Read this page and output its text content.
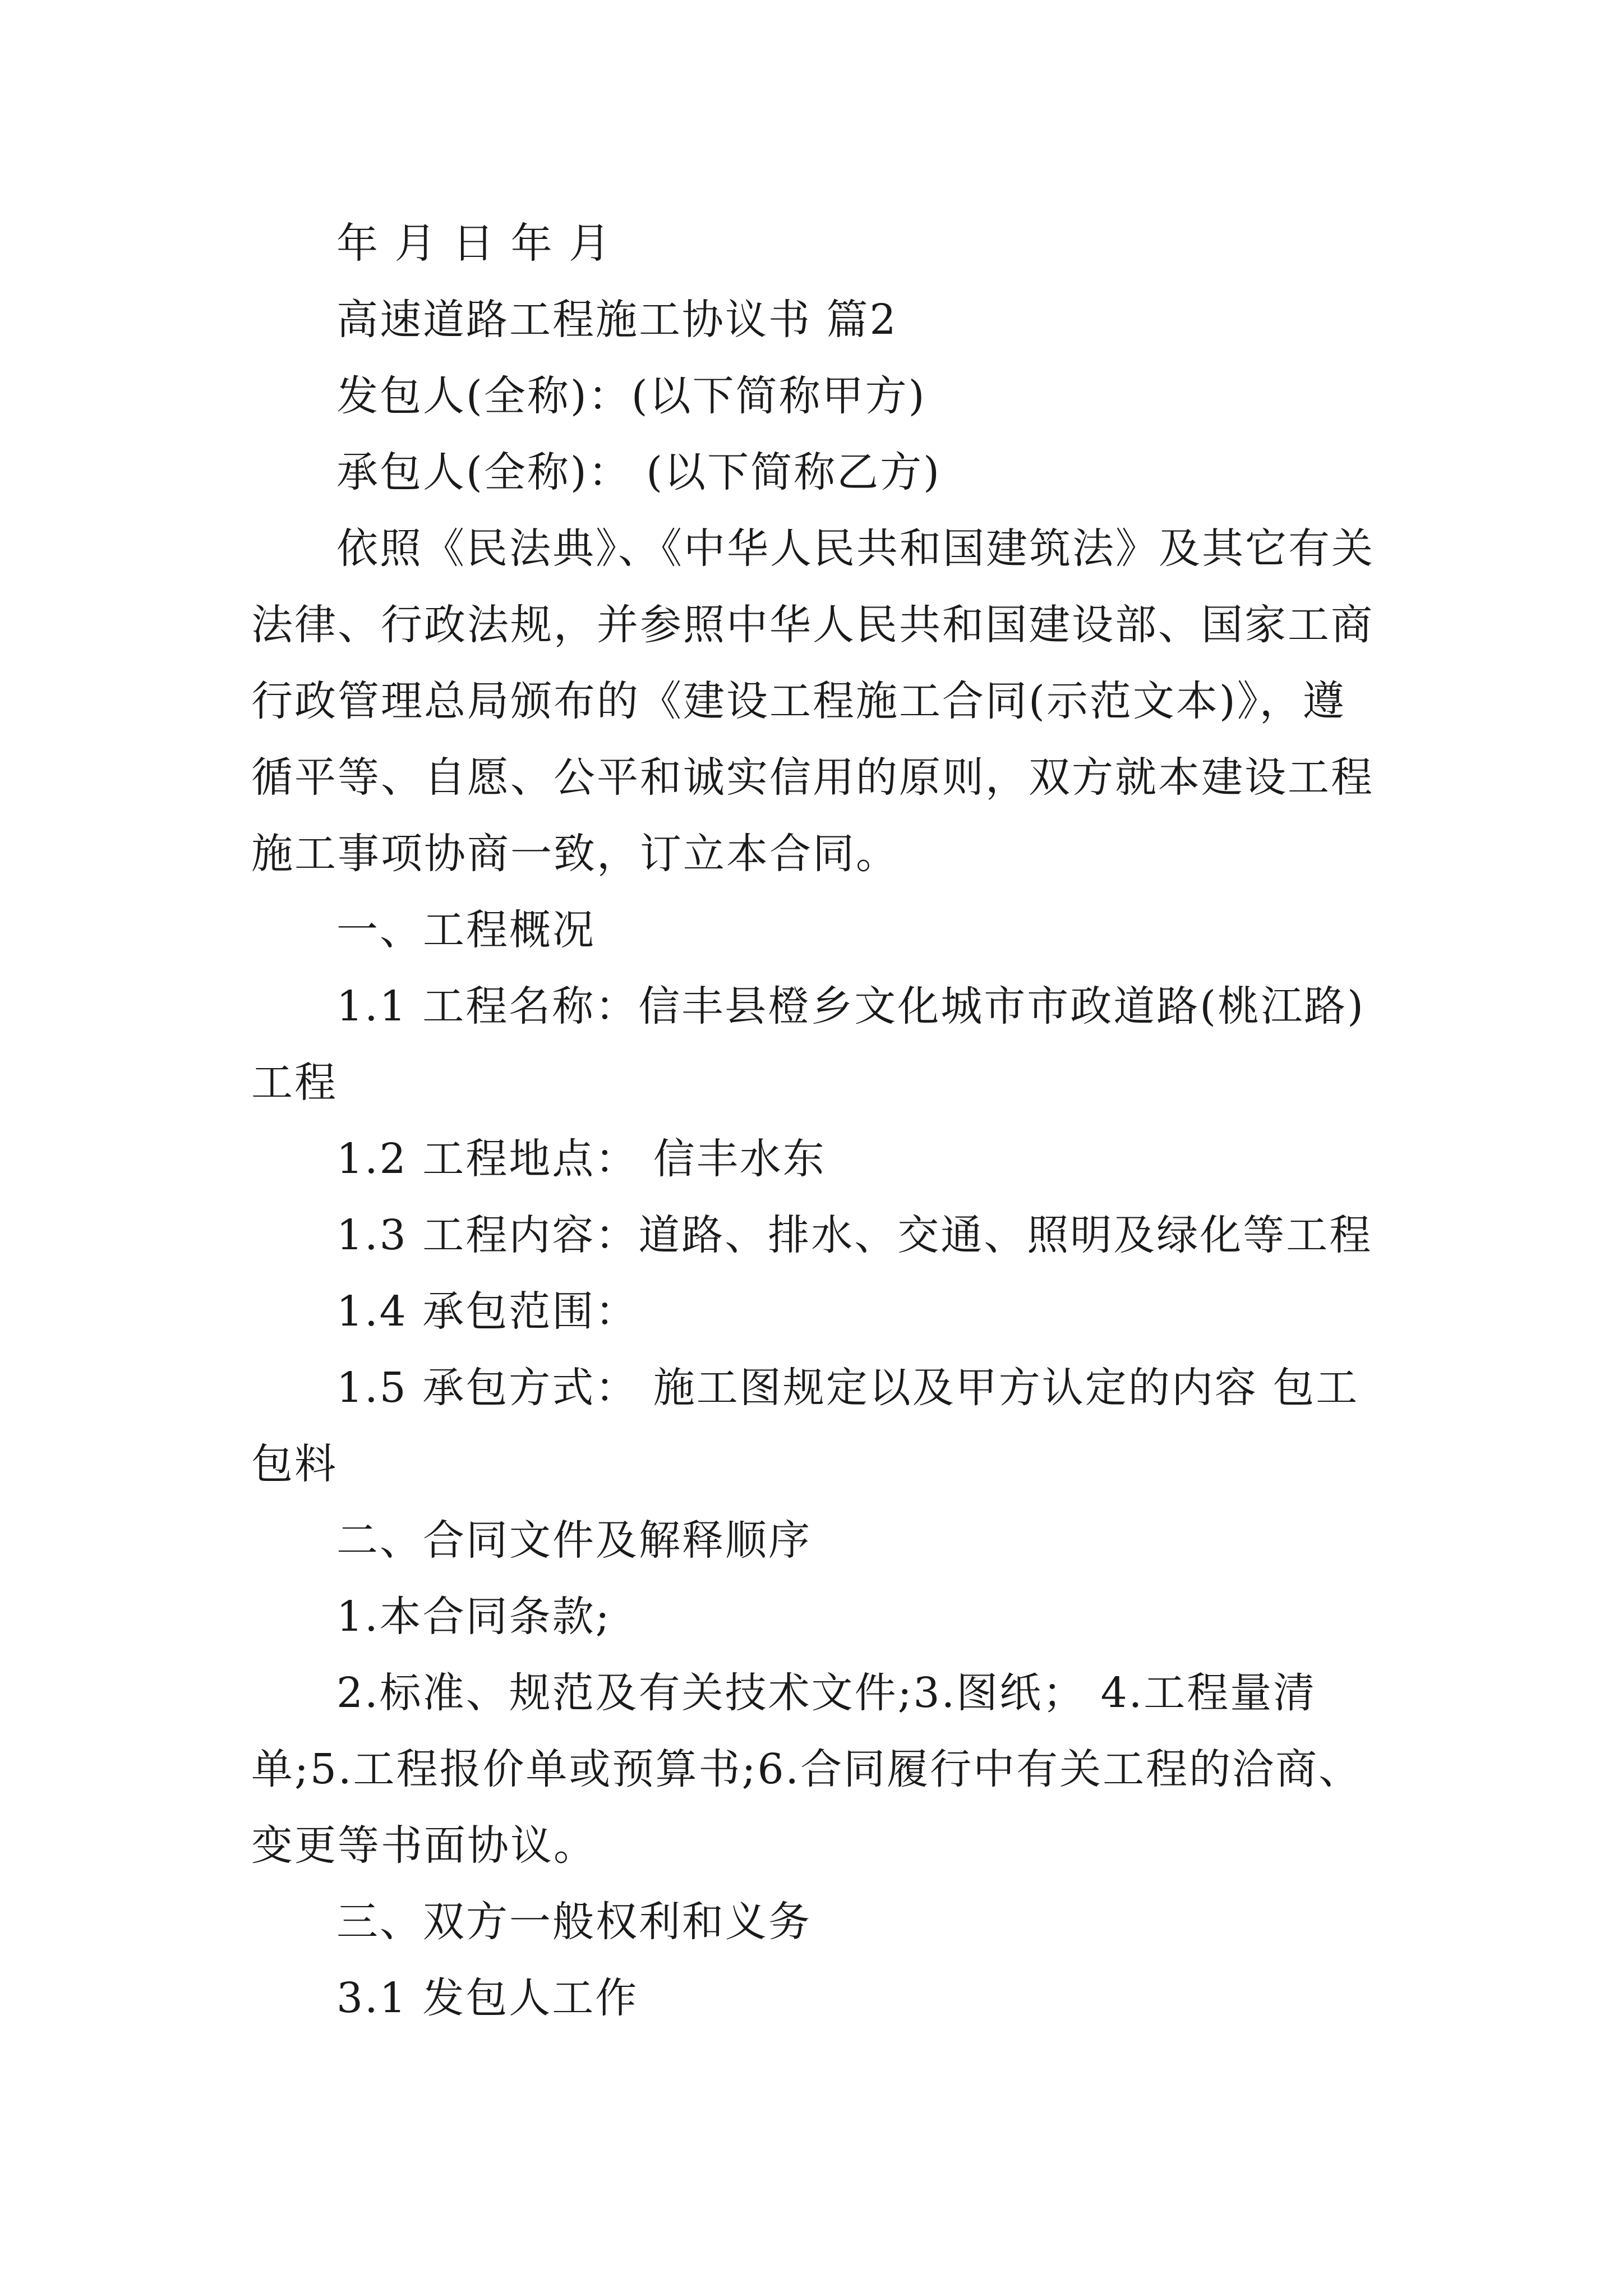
年 月 日 年 月
高速道路工程施工协议书 篇2
发包人(全称)：(以下简称甲方)
承包人(全称)： (以下简称乙方)
依照《民法典》、《中华人民共和国建筑法》及其它有关
法律、行政法规，并参照中华人民共和国建设部、国家工商
行政管理总局颁布的《建设工程施工合同(示范文本)》，遵
循平等、自愿、公平和诚实信用的原则，双方就本建设工程
施工事项协商一致，订立本合同。
一、工程概况
1.1 工程名称：信丰县橙乡文化城市市政道路(桃江路)
工程
1.2 工程地点： 信丰水东
1.3 工程内容：道路、排水、交通、照明及绿化等工程
1.4 承包范围：
1.5 承包方式： 施工图规定以及甲方认定的内容 包工
包料
二、合同文件及解释顺序
1.本合同条款;
2.标准、规范及有关技术文件;3.图纸； 4.工程量清
单;5.工程报价单或预算书;6.合同履行中有关工程的洽商、
变更等书面协议。
三、双方一般权利和义务
3.1 发包人工作
